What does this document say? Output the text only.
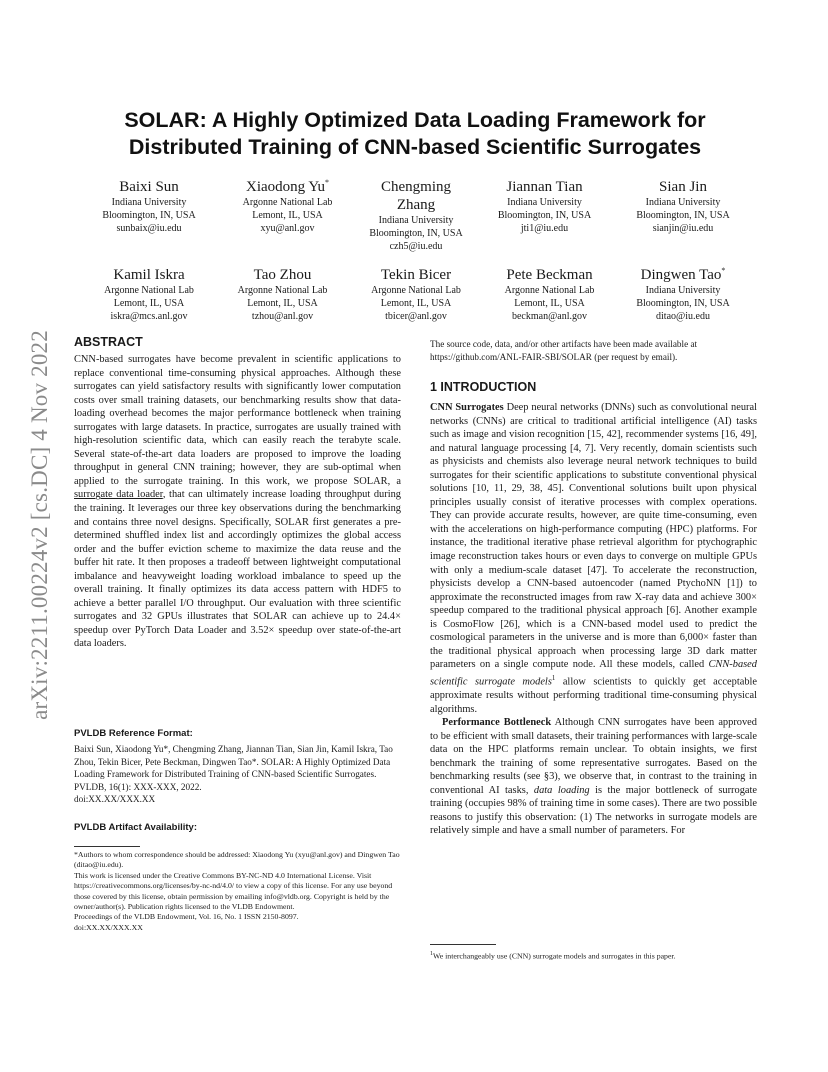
arXiv:2211.00224v2 [cs.DC] 4 Nov 2022
SOLAR: A Highly Optimized Data Loading Framework for
Distributed Training of CNN-based Scientific Surrogates
Baixi Sun
Indiana University
Bloomington, IN, USA
sunbaix@iu.edu
Xiaodong Yu*
Argonne National Lab
Lemont, IL, USA
xyu@anl.gov
Chengming Zhang
Indiana University
Bloomington, IN, USA
czh5@iu.edu
Jiannan Tian
Indiana University
Bloomington, IN, USA
jti1@iu.edu
Sian Jin
Indiana University
Bloomington, IN, USA
sianjin@iu.edu
Kamil Iskra
Argonne National Lab
Lemont, IL, USA
iskra@mcs.anl.gov
Tao Zhou
Argonne National Lab
Lemont, IL, USA
tzhou@anl.gov
Tekin Bicer
Argonne National Lab
Lemont, IL, USA
tbicer@anl.gov
Pete Beckman
Argonne National Lab
Lemont, IL, USA
beckman@anl.gov
Dingwen Tao*
Indiana University
Bloomington, IN, USA
ditao@iu.edu
ABSTRACT

CNN-based surrogates have become prevalent in scientific applications to replace conventional time-consuming physical approaches. Although these surrogates can yield satisfactory results with significantly lower computation costs over small training datasets, our benchmarking results show that data-loading overhead becomes the major performance bottleneck when training surrogates with large datasets. In practice, surrogates are usually trained with high-resolution scientific data, which can easily reach the terabyte scale. Several state-of-the-art data loaders are proposed to improve the loading throughput in general CNN training; however, they are sub-optimal when applied to the surrogate training. In this work, we propose SOLAR, a surrogate data loader, that can ultimately increase loading throughput during the training. It leverages our three key observations during the benchmarking and contains three novel designs. Specifically, SOLAR first generates a pre-determined shuffled index list and accordingly optimizes the global access order and the buffer eviction scheme to maximize the data reuse and the buffer hit rate. It then proposes a tradeoff between lightweight computational imbalance and heavyweight loading workload imbalance to speed up the overall training. It finally optimizes its data access pattern with HDF5 to achieve a better parallel I/O throughput. Our evaluation with three scientific surrogates and 32 GPUs illustrates that SOLAR can achieve up to 24.4× speedup over PyTorch Data Loader and 3.52× speedup over state-of-the-art data loaders.

PVLDB Reference Format:

Baixi Sun, Xiaodong Yu*, Chengming Zhang, Jiannan Tian, Sian Jin, Kamil Iskra, Tao Zhou, Tekin Bicer, Pete Beckman, Dingwen Tao*. SOLAR: A Highly Optimized Data Loading Framework for Distributed Training of CNN-based Scientific Surrogates. PVLDB, 16(1): XXX-XXX, 2022.

doi:XX.XX/XXX.XX

PVLDB Artifact Availability:

*Authors to whom correspondence should be addressed: Xiaodong Yu (xyu@anl.gov) and Dingwen Tao (ditao@iu.edu).

This work is licensed under the Creative Commons BY-NC-ND 4.0 International License. Visit https://creativecommons.org/licenses/by-nc-nd/4.0/ to view a copy of this license. For any use beyond those covered by this license, obtain permission by emailing info@vldb.org. Copyright is held by the owner/author(s). Publication rights licensed to the VLDB Endowment.

Proceedings of the VLDB Endowment, Vol. 16, No. 1 ISSN 2150-8097.

doi:XX.XX/XXX.XX

The source code, data, and/or other artifacts have been made available at https://github.com/ANL-FAIR-SBI/SOLAR (per request by email).

1 INTRODUCTION

CNN Surrogates Deep neural networks (DNNs) such as convolutional neural networks (CNNs) are critical to traditional artificial intelligence (AI) tasks such as image and vision recognition [15, 42], recommender systems [16, 49], and natural language processing [4, 7]. Very recently, domain scientists such as physicists and chemists also leverage neural network techniques to build surrogates for their scientific applications to substitute conventional physical solutions [10, 11, 29, 38, 45]. Conventional solutions built upon physical principles usually consist of iterative processes with complex operations. They can provide accurate results, however, are quite time-consuming, even with the accelerations on high-performance computing (HPC) platforms. For instance, the traditional iterative phase retrieval algorithm for ptychographic image reconstruction takes hours or even days to converge on multiple GPUs with only a medium-scale dataset [47]. To accelerate the reconstruction, physicists develop a CNN-based autoencoder (named PtychoNN [1]) to approximate the reconstructed images from raw X-ray data and achieve 300× speedup compared to the traditional physical approach [6]. Another example is CosmoFlow [26], which is a CNN-based model used to predict the cosmological parameters in the universe and is more than 6,000× faster than the traditional physical approach when processing large 3D dark matter parameters on a single compute node. All these models, called CNN-based scientific surrogate models$^1$ allow scientists to quickly get acceptable approximate results without performing traditional time-consuming physical algorithms.

Performance Bottleneck Although CNN surrogates have been approved to be efficient with small datasets, their training performances with large-scale data on the HPC platforms remain unclear. To obtain insights, we first benchmark the training of some representative surrogates. Based on the benchmarking results (see §3), we observe that, in contrast to the training in conventional AI tasks, data loading is the major bottleneck of surrogate training (occupies 98% of training time in some cases). There are two possible reasons to justify this observation: (1) The networks in surrogate models are relatively simple and have a small number of parameters. For

$^1$We interchangeably use (CNN) surrogate models and surrogates in this paper.
